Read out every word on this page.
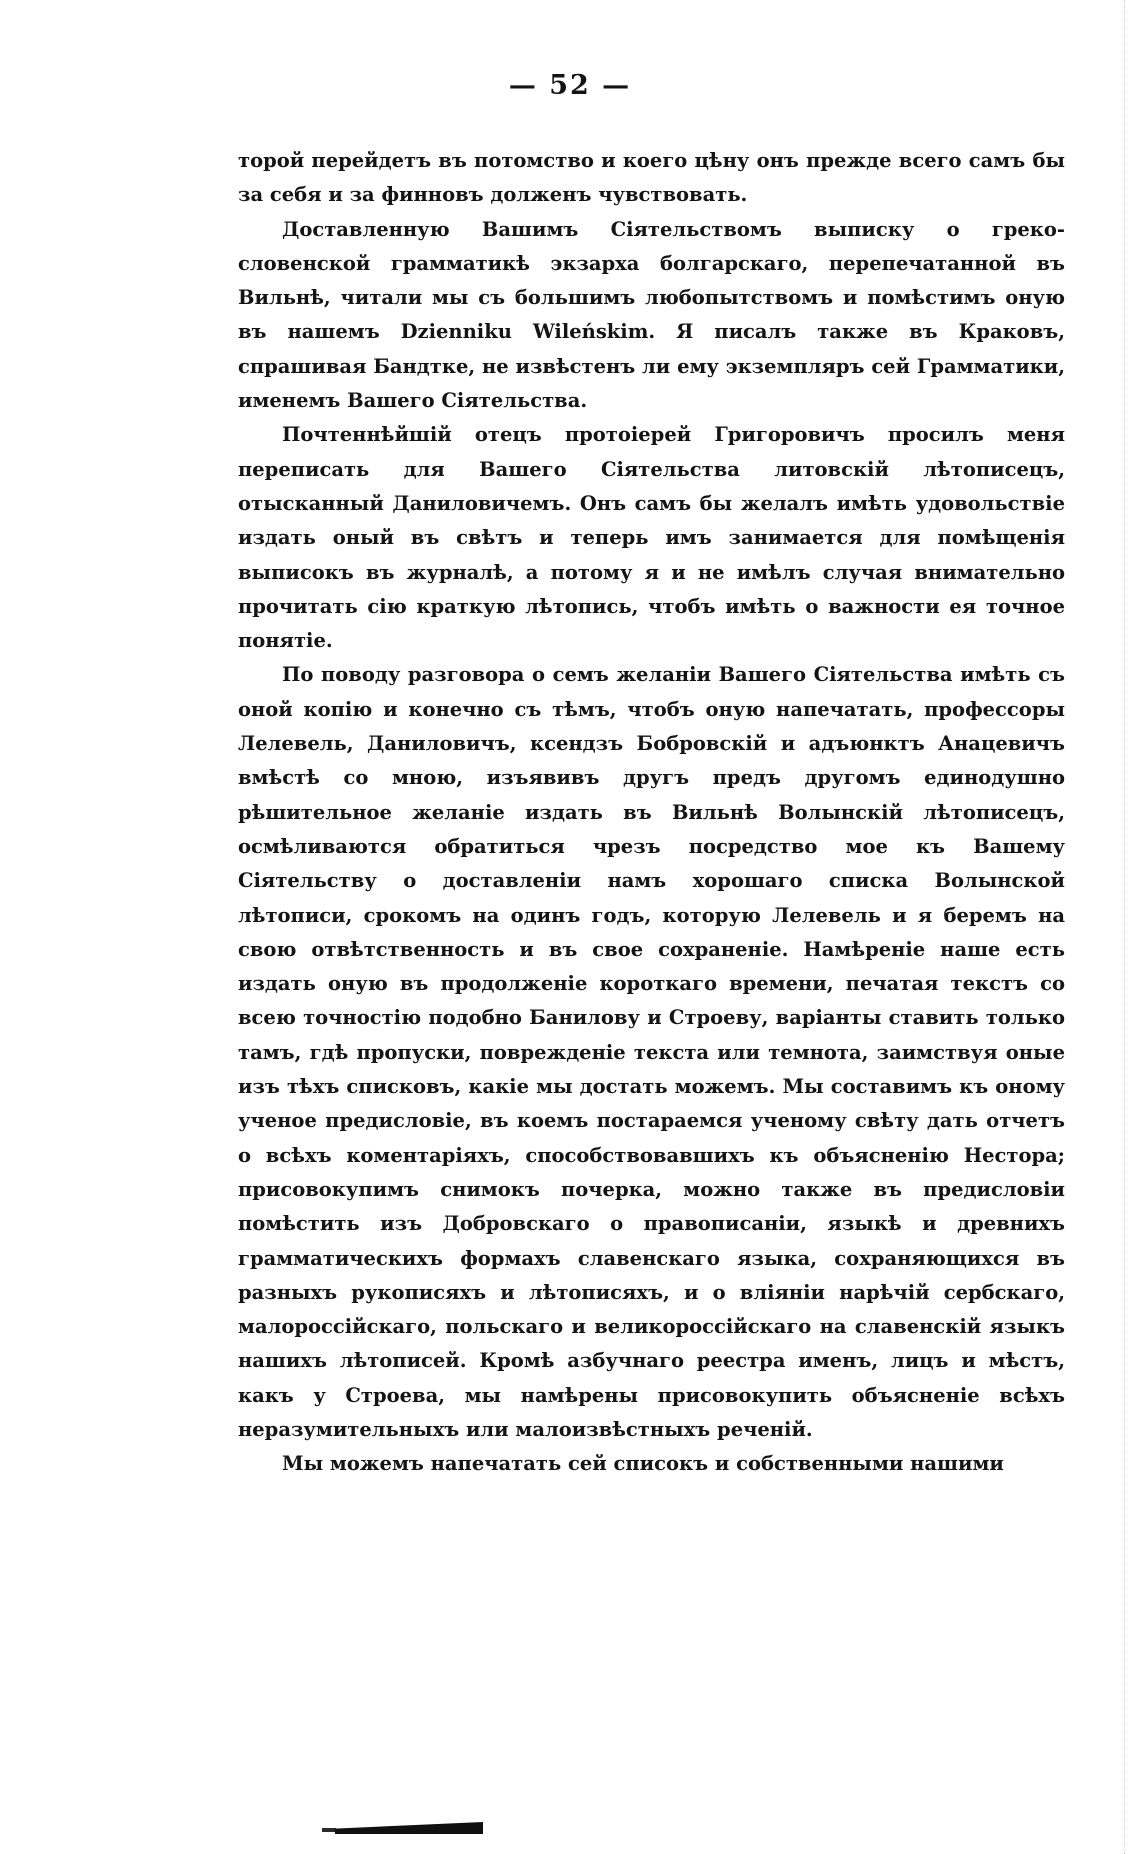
— 52 —

торой перейдетъ въ потомство и коего цѣну онъ прежде всего самъ бы за себя и за финновъ долженъ чувствовать.

Доставленную Вашимъ Сіятельствомъ выписку о греко-словенской грамматикѣ экзарха болгарскаго, перепечатанной въ Вильнѣ, читали мы съ большимъ любопытствомъ и помѣстимъ оную въ нашемъ Dzienniku Wileńskim. Я писалъ также въ Краковъ, спрашивая Бандтке, не извѣстенъ ли ему экземпляръ сей Грамматики, именемъ Вашего Сіятельства.

Почтеннѣйшій отецъ протоіерей Григоровичъ просилъ меня переписать для Вашего Сіятельства литовскій лѣтописецъ, отысканный Даниловичемъ. Онъ самъ бы желалъ имѣть удовольствіе издать оный въ свѣтъ и теперь имъ занимается для помѣщенія выписокъ въ журналѣ, а потому я и не имѣлъ случая внимательно прочитать сію краткую лѣтопись, чтобъ имѣть о важности ея точное понятіе.

По поводу разговора о семъ желаніи Вашего Сіятельства имѣть съ оной копію и конечно съ тѣмъ, чтобъ оную напечатать, профессоры Лелевель, Даниловичъ, ксендзъ Бобровскій и адъюнктъ Анацевичъ вмѣстѣ со мною, изъявивъ другъ предъ другомъ единодушно рѣшительное желаніе издать въ Вильнѣ Волынскій лѣтописецъ, осмѣливаются обратиться чрезъ посредство мое къ Вашему Сіятельству о доставленіи намъ хорошаго списка Волынской лѣтописи, срокомъ на одинъ годъ, которую Лелевель и я беремъ на свою отвѣтственность и въ свое сохраненіе. Намѣреніе наше есть издать оную въ продолженіе короткаго времени, печатая текстъ со всею точностію подобно Банилову и Строеву, варіанты ставить только тамъ, гдѣ пропуски, поврежденіе текста или темнота, заимствуя оные изъ тѣхъ списковъ, какіе мы достать можемъ. Мы составимъ къ оному ученое предисловіе, въ коемъ постараемся ученому свѣту дать отчетъ о всѣхъ коментаріяхъ, способствовавшихъ къ объясненію Нестора; присовокупимъ снимокъ почерка, можно также въ предисловіи помѣстить изъ Добровскаго о правописаніи, языкѣ и древнихъ грамматическихъ формахъ славенскаго языка, сохраняющихся въ разныхъ рукописяхъ и лѣтописяхъ, и о вліяніи нарѣчій сербскаго, малороссійскаго, польскаго и великороссійскаго на славенскій языкъ нашихъ лѣтописей. Кромѣ азбучнаго реестра именъ, лицъ и мѣстъ, какъ у Строева, мы намѣрены присовокупить объясненіе всѣхъ неразумительныхъ или малоизвѣстныхъ реченій.

Мы можемъ напечатать сей списокъ и собственными нашими
